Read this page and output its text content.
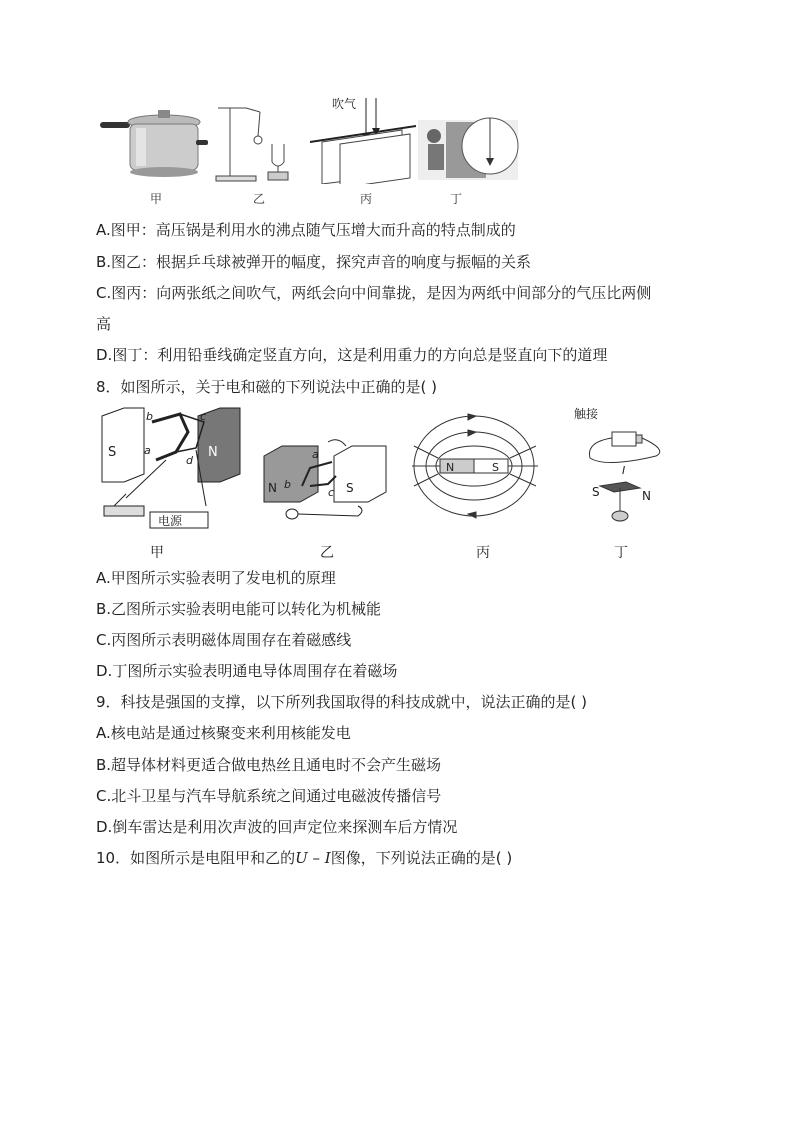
吹气
甲	乙	丙	丁
A.图甲：高压锅是利用水的沸点随气压增大而升高的特点制成的
B.图乙：根据乒乓球被弹开的幅度，探究声音的响度与振幅的关系
C.图丙：向两张纸之间吹气，两纸会向中间靠拢，是因为两纸中间部分的气压比两侧
高
D.图丁：利用铅垂线确定竖直方向，这是利用重力的方向总是竖直向下的道理
8．如图所示，关于电和磁的下列说法中正确的是( )
S	N
a
b	c
d
电源
N	S
a
b
c
N	S
触接
I
S	N
甲	乙	丙	丁
A.甲图所示实验表明了发电机的原理
B.乙图所示实验表明电能可以转化为机械能
C.丙图所示表明磁体周围存在着磁感线
D.丁图所示实验表明通电导体周围存在着磁场
9．科技是强国的支撑，以下所列我国取得的科技成就中，说法正确的是( )
A.核电站是通过核聚变来利用核能发电
B.超导体材料更适合做电热丝且通电时不会产生磁场
C.北斗卫星与汽车导航系统之间通过电磁波传播信号
D.倒车雷达是利用次声波的回声定位来探测车后方情况
10．如图所示是电阻甲和乙的U – I图像，下列说法正确的是( )
